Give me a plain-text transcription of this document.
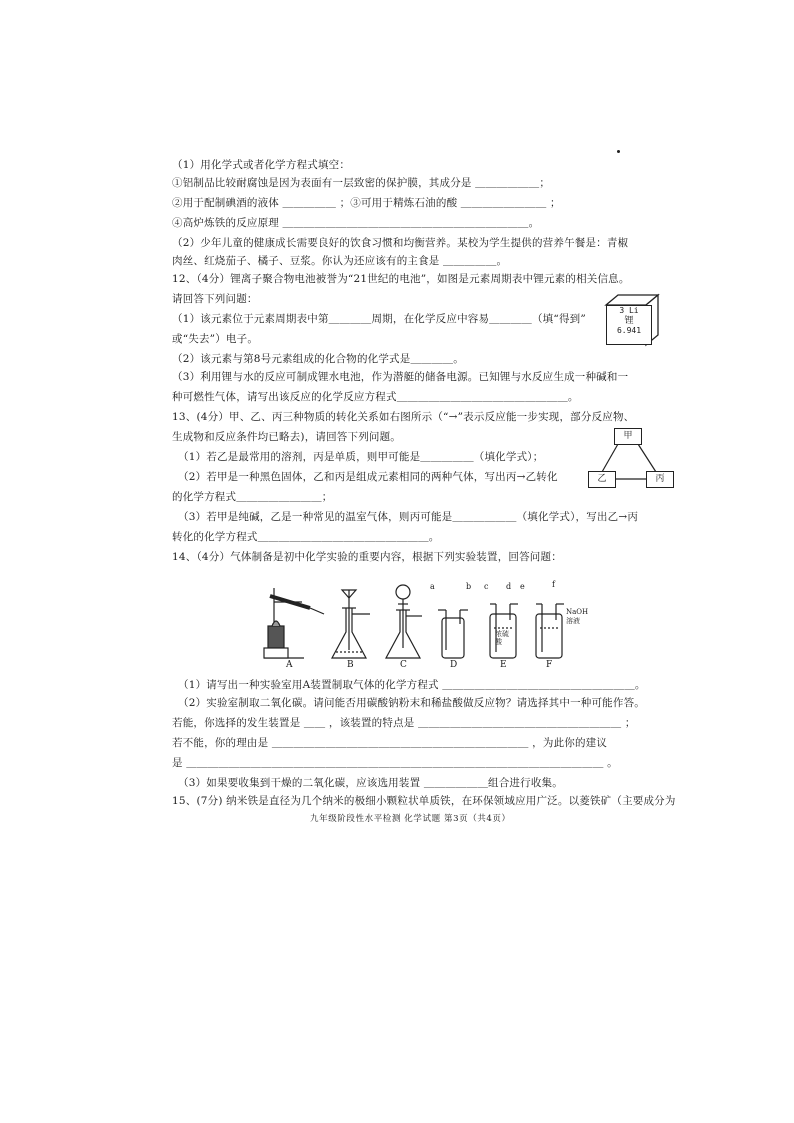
（1）用化学式或者化学方程式填空：
①铝制品比较耐腐蚀是因为表面有一层致密的保护膜，其成分是 ＿＿＿＿＿＿；
②用于配制碘酒的液体 ＿＿＿＿＿ ；③可用于精炼石油的酸 ＿＿＿＿＿＿＿＿ ；
④高炉炼铁的反应原理 ＿＿＿＿＿＿＿＿＿＿＿＿＿＿＿＿＿＿＿＿＿＿＿。
（2）少年儿童的健康成长需要良好的饮食习惯和均衡营养。某校为学生提供的营养午餐是：青椒
肉丝、红烧茄子、橘子、豆浆。你认为还应该有的主食是 ＿＿＿＿＿。
12、（4分）锂离子聚合物电池被誉为“21世纪的电池”，如图是元素周期表中锂元素的相关信息。
请回答下列问题：
（1）该元素位于元素周期表中第＿＿＿＿周期，在化学反应中容易＿＿＿＿（填“得到”
或“失去”）电子。
（2）该元素与第8号元素组成的化合物的化学式是＿＿＿＿。
（3）利用锂与水的反应可制成锂水电池，作为潜艇的储备电源。已知锂与水反应生成一种碱和一
种可燃性气体，请写出该反应的化学反应方程式＿＿＿＿＿＿＿＿＿＿＿＿＿＿＿＿。
13、(4分）甲、乙、丙三种物质的转化关系如右图所示（“→”表示反应能一步实现，部分反应物、
生成物和反应条件均已略去)，请回答下列问题。
（1）若乙是最常用的溶剂，丙是单质，则甲可能是＿＿＿＿＿（填化学式）；
（2）若甲是一种黑色固体，乙和丙是组成元素相同的两种气体，写出丙→乙转化
的化学方程式＿＿＿＿＿＿＿＿；
（3）若甲是纯碱，乙是一种常见的温室气体，则丙可能是＿＿＿＿＿＿（填化学式），写出乙→丙
转化的化学方程式＿＿＿＿＿＿＿＿＿＿＿＿＿＿＿＿。
14、（4分）气体制备是初中化学实验的重要内容，根据下列实验装置，回答问题：
（1）请写出一种实验室用A装置制取气体的化学方程式 ＿＿＿＿＿＿＿＿＿＿＿＿＿＿＿＿＿＿。
（2）实验室制取二氧化碳。请问能否用碳酸钠粉末和稀盐酸做反应物？请选择其中一种可能作答。
若能，你选择的发生装置是 ＿＿ ，该装置的特点是 ＿＿＿＿＿＿＿＿＿＿＿＿＿＿＿＿＿＿＿ ；
若不能，你的理由是 ＿＿＿＿＿＿＿＿＿＿＿＿＿＿＿＿＿＿＿＿＿＿＿＿ ，为此你的建议
是 ＿＿＿＿＿＿＿＿＿＿＿＿＿＿＿＿＿＿＿＿＿＿＿＿＿＿＿＿＿＿＿＿＿＿＿＿＿＿＿ 。
（3）如果要收集到干燥的二氧化碳，应该选用装置 ＿＿＿＿＿＿组合进行收集。
15、(7分) 纳米铁是直径为几个纳米的极细小颗粒状单质铁，在环保领域应用广泛。以菱铁矿（主要成分为
3 Li
锂
6.941
甲
乙	丙
A	B	C	D	E	F
a	b c d e	f
浓硫酸
NaOH溶液
九年级阶段性水平检测 化学试题 第3页（共4页）
